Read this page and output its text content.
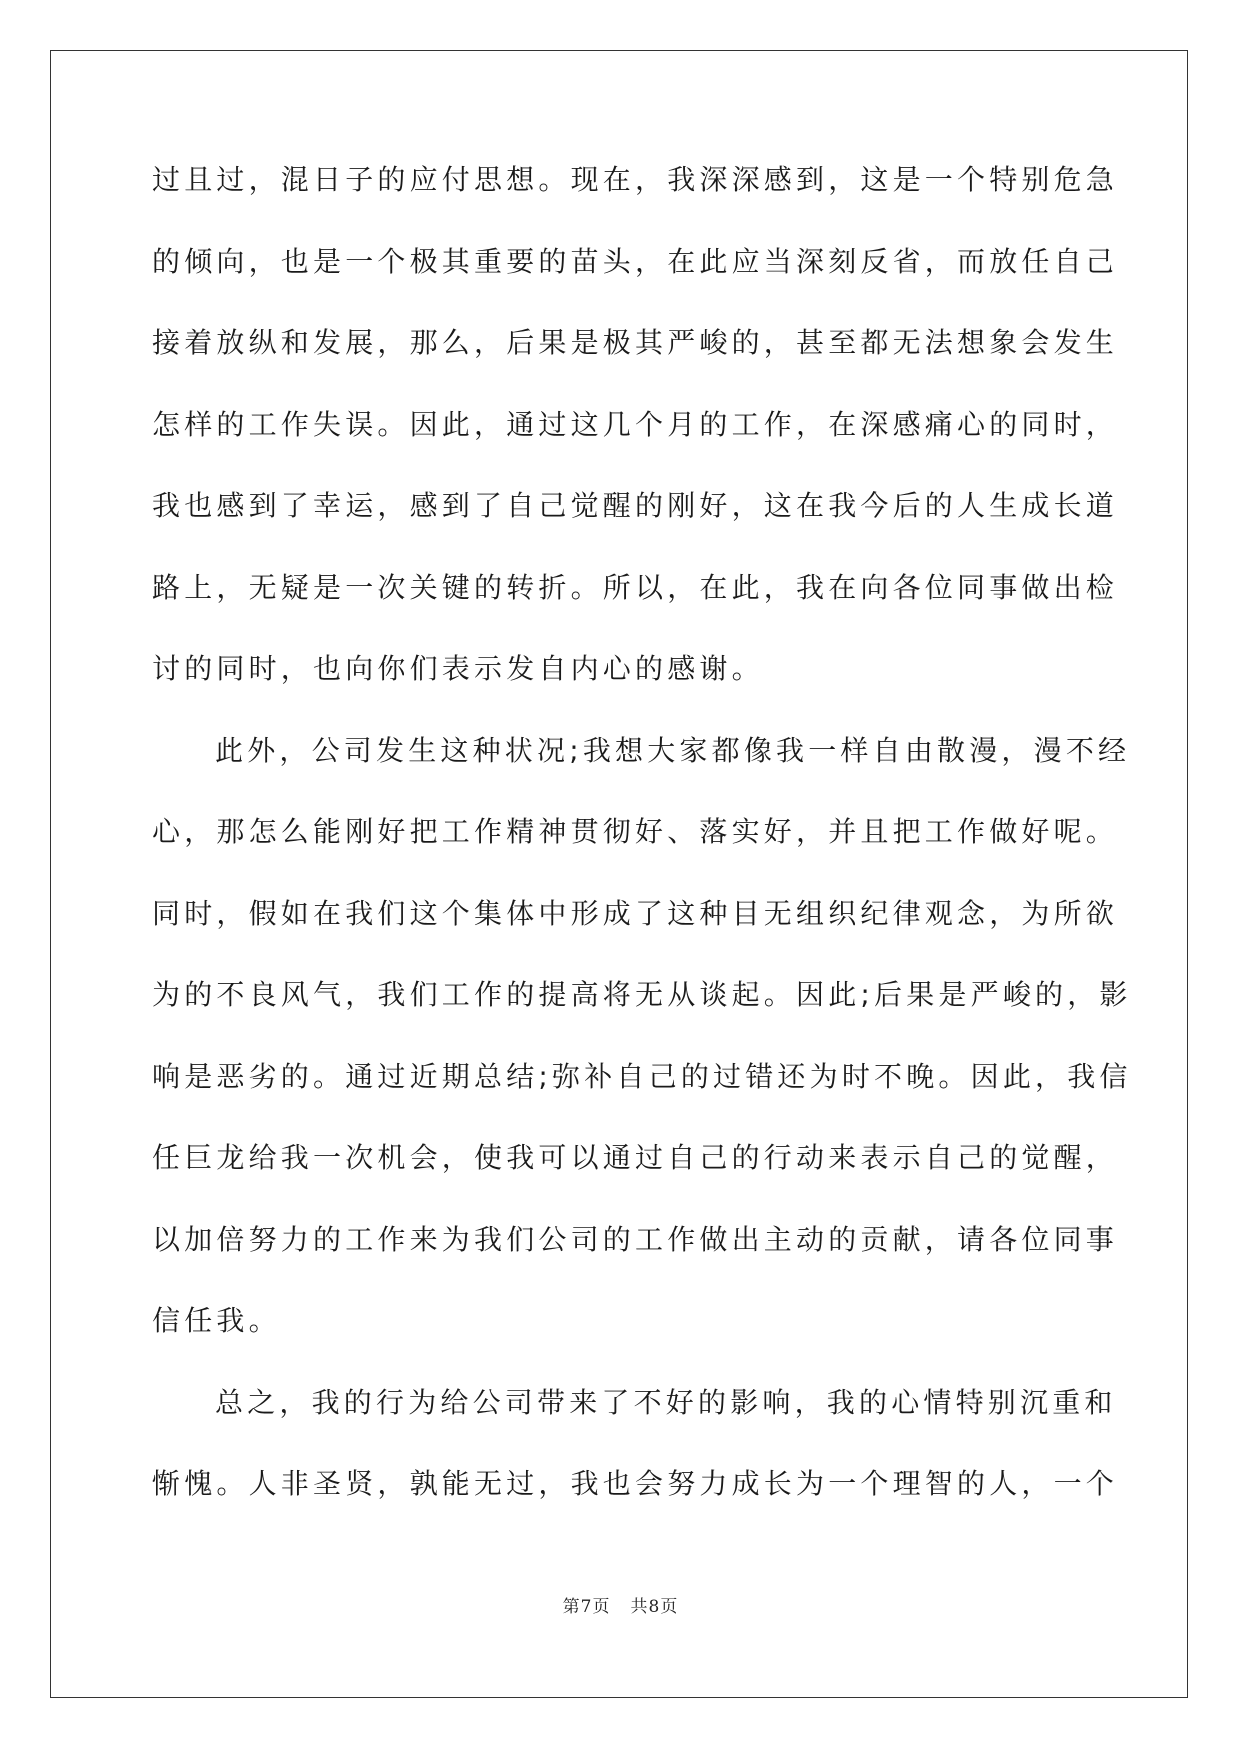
过且过，混日子的应付思想。现在，我深深感到，这是一个特别危急
的倾向，也是一个极其重要的苗头，在此应当深刻反省，而放任自己
接着放纵和发展，那么，后果是极其严峻的，甚至都无法想象会发生
怎样的工作失误。因此，通过这几个月的工作，在深感痛心的同时，
我也感到了幸运，感到了自己觉醒的刚好，这在我今后的人生成长道
路上，无疑是一次关键的转折。所以，在此，我在向各位同事做出检
讨的同时，也向你们表示发自内心的感谢。
此外，公司发生这种状况;我想大家都像我一样自由散漫，漫不经
心，那怎么能刚好把工作精神贯彻好、落实好，并且把工作做好呢。
同时，假如在我们这个集体中形成了这种目无组织纪律观念，为所欲
为的不良风气，我们工作的提高将无从谈起。因此;后果是严峻的，影
响是恶劣的。通过近期总结;弥补自己的过错还为时不晚。因此，我信
任巨龙给我一次机会，使我可以通过自己的行动来表示自己的觉醒，
以加倍努力的工作来为我们公司的工作做出主动的贡献，请各位同事
信任我。
总之，我的行为给公司带来了不好的影响，我的心情特别沉重和
惭愧。人非圣贤，孰能无过，我也会努力成长为一个理智的人，一个
第7页 共8页
